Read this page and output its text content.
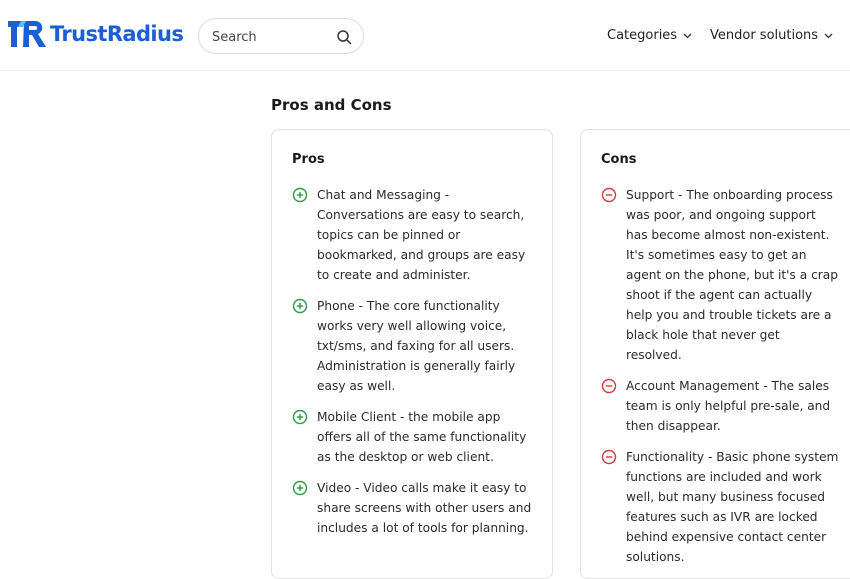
TrustRadius
Search	Categories	Vendor solutions
Pros and Cons
Pros
Chat and Messaging - Conversations are easy to search, topics can be pinned or bookmarked, and groups are easy to create and administer.
Phone - The core functionality works very well allowing voice, txt/sms, and faxing for all users. Administration is generally fairly easy as well.
Mobile Client - the mobile app offers all of the same functionality as the desktop or web client.
Video - Video calls make it easy to share screens with other users and includes a lot of tools for planning.
Cons
Support - The onboarding process was poor, and ongoing support has become almost non-existent. It's sometimes easy to get an agent on the phone, but it's a crap shoot if the agent can actually help you and trouble tickets are a black hole that never get resolved.
Account Management - The sales team is only helpful pre-sale, and then disappear.
Functionality - Basic phone system functions are included and work well, but many business focused features such as IVR are locked behind expensive contact center solutions.
